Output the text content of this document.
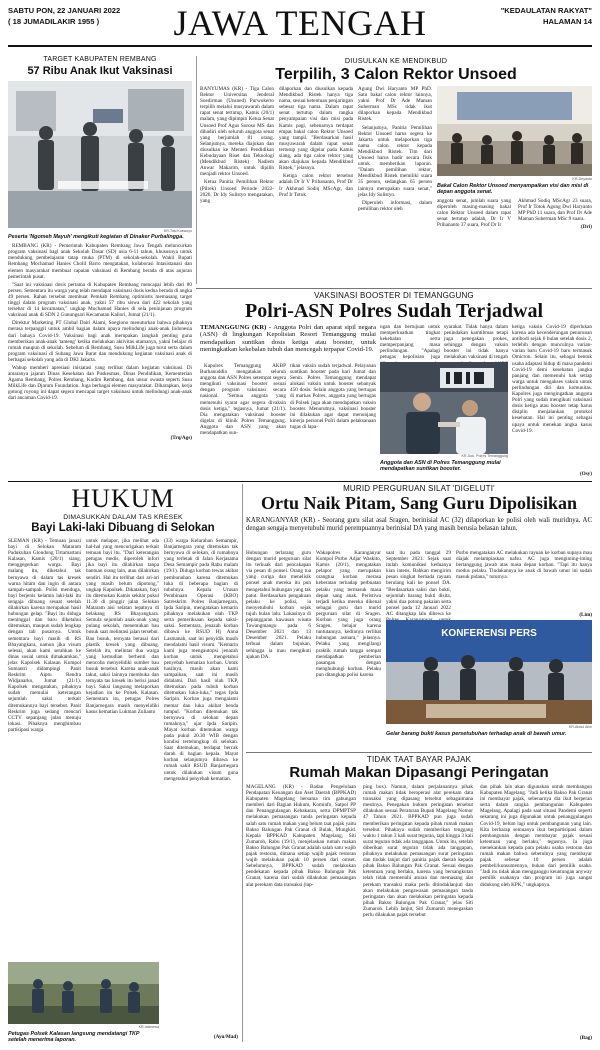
SABTU PON, 22 JANUARI 2022
( 18 JUMADILAKIR 1955 )	JAWA TENGAH	"KEDAULATAN RAKYAT"
HALAMAN 14
TARGET KABUPATEN REMBANG
57 Ribu Anak Ikut Vaksinasi
KR-Tosi Kuswoyo
Peserta 'Ngomeh Mayuh' mengikuti kegiatan di Dinaker Purbalingga.

REMBANG (KR) - Pemerintah Kabupaten Rembang Jawa Tengah meluncurkan program vaksinasi bagi anak Sekolah Dasar (SD) usia 6-11 tahun, khususnya untuk mendukung pembelajaran tatap muka (PTM) di sekolah-sekolah. Wakil Bupati Rembang Mochamad Hanies Cholil Barro mengatakan, kolaborasi Intasistanasi dan elemen masyarakat membuat capaian vaksinasi di Rembang berada di atas anjuran pemerintah pusat.

"Saat ini vaksinasi dosis pertama di Kabupaten Rembang mencapai lebih dari 80 persen. Sementara itu warga yang telah mendapat vaksinasi dosis kedua berada di angka 49 persen. Rahan tersebut membuat Pemkab Rembang optimistis memasang target tinggi dalam program vaksinasi anak, yakni 57 ribu siswa dari 422 sekolah yang tersebar di 14 kecamatan," ungkap Mochamad Hanies di sela peninjauan program vaksinasi anak di SDN 2 Gunungsari Kecamatan Kaliori, Jumat (21/1).

Direktur Marketing PT Global Dairi Alami, Soegiono menuturkan bahwa pihaknya merasa terpanggil untuk ambil bagian dalam upaya melindungi anak-anak Indonesia dari bahaya Covid-19. Vaksinasi bagi anak merupakan langkah penting guna memberikan anak-anak 'tameng' ketika melakukan aktivitas utamanya, yakni belajar di rumah maupun di sekolah. Sebelum di Rembang, Susu MilkLife juga turut serta dalam program vaksinasi di Subang Jawa Barat dan mendukung kegiatan vaksinasi anak di berbagai sekolah yang ada di DKI Jakarta.

Wabup memberi apresiasi inisiatasi yang terlibat dalam kegiatan vaksinasi. Di antaranya jajaran Dinas Kesehatan dan Puskesmas, Dinas Pendidikan, Kementerian Agama Rembang, Polres Rembang, Kodim Rembang, dan unsur swasta seperti Susu MilkLife dan Djarum Foundation. Juga berbagai elemen masyarakat. Diharapkan, kerja gotong royong ini dapat segera mencapai target vaksinasi untuk melindungi anak-anak dari ancaman Covid-19.

(Trq/Ags)
DIUSULKAN KE MENDIKBUD
Terpilih, 3 Calon Rektor Unsoed

BANYUMAS (KR) - Tiga Calon Rektor Universitas Jenderal Soedirman (Unsoed) Purwokerto terpilih melalui musyawarah dalam rapat senat tertutup, Kamis (20/1) malam, yang dipimpin Ketua Senat Unsoed Prof Agus Suroso MS dan dihadiri oleh seluruh anggota senat yang berjumlah 81 orang. Selanjutnya, mereka diajukan dan diusulkan ke Menteri Pendidikan Kebudayaan Riset dan Teknologi (Mendikbud Ristek) Nadiem Anwar Makarim, untuk dipilih menjadi rektor Unsoed.

Ketua Panitia Pemilihan Rektor (Pilrek) Unsoed Periode 2022-2026, Dr Idy Sulistyo mengatakan, yang

dilaporkan dan diusulkan kepada Mendikbud Ristek hanya tiga nama, sesuai ketentuan penjaringan sebesar tiga nama. Dalam rapat senat tertutup dalam rangka penyampaian visi dan misi pada Kamis pagi, sebenarnya terdapat empat bakal calon Rektor Unsoed yang tampil. "Berdasarkan hasil musyawarah dalam rapat senat tertutup yang digelar pada Kamis siang, ada tiga calon rektor yang akan diajukan kepada Mendikbud Ristek," jelasnya.

Ketiga calon rektor tersebut adalah Dr Ir V Prihananto, Prof Dr Ir Akhmad Sodiq MScAgr, dan Prof Ir Totok

Agung Dwi Haryanto MP PhD. Satu bakal calon rektor lainnya, yakni Prof Dr Ade Maman Suherman MSc tidak ikut dilaporkan kepada Mendikbud Ristek.

Selanjutnya, Panitia Pemilihan Rektor Unsoed harus segera ke Jakarta untuk melaporkan tiga nama calon rektor kepada Mendikbud Ristek. Tim dari Unsoed harus hadir secara fisik untuk memberikan laporan. "Dalam pemilihan rektor, Mendikbud Ristek memiliki suara 35 persen, sedangkan 65 persen lainnya merupakan suara senat," jelas Idy Sulistyo.

Diperoleh informasi, dalam pemilihan rektor oleh

KR-Driyanto
Bakal Calon Rektor Unsoed menyampaikan visi dan misi di depan anggota senat.

anggota senat, jumlah suara yang diperoleh masing-masing bakal calon Rektor Unsoed dalam rapat senat tertutup adalah, Dr Ir V Prihananto 37 suara, Prof Dr Ir

Akhmad Sodiq MScAgr 23 suara, Prof Ir Totok Agung Dwi Haryanto MP PhD 11 suara, dan Prof Dr Ade Maman Suherman MSc 9 suara.

(Dri)
VAKSINASI BOOSTER DI TEMANGGUNG
Polri-ASN Polres Sudah Terjadwal
TEMANGGUNG (KR) - Anggota Polri dan aparat sipil negara (ASN) di lingkungan Kepolisian Resort Temanggung mulai mendapatkan suntikan dosis ketiga atau booster, untuk meningkatkan kekebalan tubuh dan mencegah terpapar Covid-19.

Kapolres Temanggung AKBP Burhanuddin mengatakan seluruh anggota dan ASN Polres setempat segera mengikuti vaksinasi booster sesuai dengan program vaksinasi secara nasional. "Semua anggota yang memenuhi syarat agar segera divaksin dosis ketiga," tegasnya, Jumat (21/1). Dia mengatakan vaksinasi booster digelar di klinik Polres Temanggung. Anggota dan ASN yang akan mendapatkan sun-

tikan vaksin sudah terjadwal. Pelayanan suntikan booster pada hari Jumat dan Senin. Polres Temanggung mendapat alokasi vaksin untuk booster sebanyak 450 dosis. Selain anggota yang bertugas di markas Polres, anggota yang bertugas di Polsek juga akan mendapatkan vaksin booster. Menurutnya, vaksinasi booster ini dilakukan agar dapat menunjang kinerja personel Polri dalam pelaksanaan tugas di lapa-

ngan dan bertujuan untuk memperkuatkan tingkat kekebalan serta memperpanjang masa perlindungan. "Apalagi petugas kepolisian juga

syarakat. Tidak hanya dalam penindakan kamtibmas tetapi juga penegakan prokes, sehingga dengan vaksin booster ini tidak hanya melakukan vaksinasi di tengah

KR-Dok. Polres Temanggung
Anggota dan ASN di Polres Temanggung mulai mendapatkan suntikan booster.

ketiga vaksin Covid-19 diperlukan karena ada kecenderungan penurunan antibodi sejak 6 bulan setelah dosis 2, terlebih dengan munculnya varian-varian baru Covid-19 baru termasuk Omicron. Selain itu, sebagai bentuk usaha adaptasi hidup di masa pandemi Covid-19 demi kesehatan jangka panjang dan memenuhi hak setiap warga untuk mengakses vaksin untuk perlindungan diri dan komunitas. Kapolres juga mengingatkan anggota Polri yang sudah mengikuti vaksinasi dosis ketiga atau booster tetap harus disiplin menjalankan protokol kesehatan. Hal ini penting sebagai upaya untuk menekan angka kasus Covid-19.

(Osy)
HUKUM
DIMASUKKAN DALAM TAS KRESEK
Bayi Laki-laki Dibuang di Selokan

SLEMAN (KR) - Temuan janazi bayi di Selokan Mataram Padukuhan Glondong Tirtamartani Kalasan, Kamis (20/1) siang, menggegerkan warga. Bayi malang itu, diketahui tak bernyawa di dalam tas kresek warna hitam dan ingin di antara sampah-sampah. Polisi menduga, bayi berjenis kelamin laki-laki itu sengaja dibuang sesaat setelah dilahirkan karena merupakan hasil hubungan gelap. "Bayi itu diduga meninggal dan baru diketahui ditemukan, maupun sudah lengkap dengan tali pusarnya. Untuk sementara bayi masih di RS Bhayangkara, namun jika visum selesai, akan kami serahkan ke dinas sosial untuk dimakamkan," jelas Kapolsek Kalasan Kompol Sumantri didampingi Panit Reskrim Aiptu Rendra Widjanarko, Jumat (21/1). Kapolsek mengatakan, pihaknya sudah memulai keterangan sejumlah saksi terkait ditemukannya bayi tersebut. Panit Reskrim juga sedang mencari CCTV sepanjang jalan menuju lokasi. Pihaknya menghimbau partisipasi warga

untuk melapor, jika melihat ada hal-hal yang mencurigakan terkait temuan bayi itu. "Dari keterangan petugas medis, diperoleh infori jika bayi itu dilahirkan tanpa bantuan orang lain, atau dilahirkan sendiri. Hal itu terlihat dari ari-ari yang masih belum dipotong," ungkap Kapolsek. Dikatakan, bayi itu ditemukan Kamis sekitar pukul 11.30 di pinggir jalan Selokan Mataram aisi selatan tepatnya di belakang RS Bhayangkara. Semula sejumlah anak-anak yang pulang sekolah, menemukan bau busuk saat melintasi jalan tersebut. Bau busuk, ternyata berasal dari plastik kresek yang dibuang. Setelah itu, melintas dua warga yang kemudian berhenti dan mencoba menyelidiki sumber bau busuk tersebut. Karena anak-anak takut, saksi lainnya membuka dan ternyata tas kresek itu berisi janad bayi. Saksi langsung melaporkan kejadian itu ke Polsek Kalasan. Sementara itu, petugas Polres Banjarnegara masih menyelidiki kasus kematian Lukman Zulianto

(33) warga Kelurahan Semampir, Banjarnegara yang ditemukan tak bernyawa di selokan, di rumahnya yang terletak di Jalan Kerjasama Desa Semampir pada Rabu malam (19/1). Diduga korban tewas akibat pembunuhan karena ditemukan luka di beberapa bagian di tubuhnya. Kepala Urusan Pembinaan Operasi (KBO) Satreskrim Polres Banjarnegara, Ipda Saripin, mengatakan kemarin pihaknya melakukan olah TKP serta pemeriksaan kepada saksi-saksi. Sementara, jenazah korban dibawa ke RSUD Hj Anna Lasmanah, saat ini penyidik masih mendalami hasil visum. "Kemarin kami juga mengautopsi jenazah korban untuk mengetahui penyebab kematian korban. Untuk hasilnya, masih akan kami sampaikan, saat ini masih didalami. Dari hasil olah TKP, ditemukan pada tubuh korban ditemukan luka-luka," tegas Ipda Saripin. Korban juga mengalami memar dan luka akibat benda tumpul. "Korban ditemukan tak bernyawa di selokan depan rumahnya," ujar Ipda Saripin. Mayat korban ditemukan warga pada pukul 20.30 WIB dengan kondisi tertelungkup di selokan. Saat ditemukan, terdapat bercak darah di bagian kepala. Mayat korban selanjutnya dibawa ke rumah sakit RSUD Banjarnegara untuk dilakukan visum guna mengetahui penyebab kematian.

(Ayu/Mad)
KR-Istimewa
Petugas Polsek Kalasan langsung mendatangi TKP setelah menerima laporan.
MURID PERGURUAN SILAT 'DIGELUTI'
Ortu Naik Pitam, Sang Guru Dipolisikan
KARANGANYAR (KR) - Seorang guru silat asal Sragen, berinisial AC (32) dilaporkan ke polisi oleh wali muridnya. AC dengan sengaja menyetubuhi murid perempuannya berinisial DA yang masih berusia belasan tahun.

Hubungan terlarang guru dengan murid perguruan silat itu terkuak dari pencakapan via pesan di ponsel. Orang tua yang curiga dan menelisik ponsel anak mereka itu pun mengetahui hubungan yang tak patut. Berdasarkan pengakuan pelaku ke polisi, ia menyetubuhi korban sejak tujuh bulan lalu. Lokasinya di pepanggaran kawasan wisata Tawangmangu pada 6 Desember 2021 dan 13 Desember 2021. Pelaku terbuai dalam bujukan, sehingga ia mau mengikuti ajakan DA.

Wakapolres Karanganyar Kompol Purbo Adjar Waskito, Kamis (20/1), mengatakan pelapor yang merupakan orangtua korban merasa keberatan terhadap perbuatan pelaku yang termasuk masa depan sang anak. Peristiwa terjadi ketika mereka dikenal sebagai guru dan murid perguruan silat di Sragen. Korban yang juga orang Sragen, belajar karena tuntutannya, kedinnya terlibat hubungan asmara," jelasnya. Pelaku yang mengilangi praktik rumah tangga sempat mendapatkan pemberian pasangan dengan menghubungi korban. Pelaku pun ditangkap polisi karena

saat itu pada tanggal 29 September 2021. Sejak saat itulah komunikasi keduanya kian intens. Bahkan mengirim pesan singkat bernada rayuan berulang kali ke ponsel DA. "Berdasarkan saksi dan bukti, sejumlah barang bukti disita, yakni dua potong pakaian serta ponsel pada 12 Januari 2022 AC ditangkap lalu dihewa ke

Purbo mengatakan AC melakukan rayuan ke korban supaya mau diajak melampiaskan nafsu. AC juga mengiming-iming bertanggung jawab atas masa depan korban. "Tapi itu hanya modus pelaku. Tindakannya ke anak di bawah umur ini sudah masuk pidana," tuturnya.

(Lim)
KONFERENSI PERS
KR-Abdul Alim
Gelar barang bukti kasus persetubuhan terhadap anak di bawah umur.
TIDAK TAAT BAYAR PAJAK
Rumah Makan Dipasangi Peringatan

MAGELANG (KR) - Badan Pengelolaan Pendapatan Keuangan dan Aset Daerah (BPPKAD) Kabupaten Magelang bersama tim gabungan memberi dari Bagian Hukum, Kominfo, Satpol PP dan Penanggulangan Kebakaran, serta DPMPTSP melakukan pemasangan tanda peringatan kepada salah satu rumah makan yang belum taat pajak yaitu Bakso Balungan Pak Granat di Bulak, Mungkid. Kepala BPPKAD Kabupaten Magelang, Siti Zumaroh, Rabu (19/1), menjelaskan rumah makan Bakso Balungan Pak Granat adalah salah satu wajib pajak restoran, dimana setiap wajib pajak restoran wajib melakukan pajak 10 persen dari omset. Sebelumnya, BPPKAD sudah melakukan pendekatan kepada pihak Bakso Balungan Pak Granat, karena dari sudah dilakukan pemasangan alat perekam data transaksi (tap-

ping box). Namun, dalam perjalanannya pihak rumah makan tidak beroperasi alat perekam data transaksi yang dipasang tersebut sebagaimana mestinya. Penegakan hukum peringatan tersebut dilakukan sesuai Peraturan Bupati Magelang Nomor 47 Tahun 2021. BPPKAD pun juga sudah memberikan peringatan kepada pihak rumah makan tersebut. Pihaknya sudah memberikan tenggang waktu 1 tahun 3 kali surat teguran, tapi hingga 3 kali surat teguran tidak ada tanggapan. Untuk itu, setelah diberikan surat teguran tidak ada tanggapan, pihaknya melakukan pemasangan surat peringatan dan tindak lanjut dari panitia pajak daerah kepada pihak Bakso Balungan Pak Granat. Sesuai dengan ketentuan yang berlaku, karena yang bersangkutan telah tidak memenuhi aturan dan memasang alat perekam transaksi maka perlu ditindaklanjuti dan akan melakukan pengawasan pemasangan tanda peringatan dan akan melakukan peringatan kepada pihak Bakso Balungan Pak Granat," jelas Siti Zumaroh. Lebih lanjut, Siti Zumaroh menegaskan perlu dilakukan pajak tersebut

dan pihak lain akan digunakan untuk membangun Kabupaten Magelang. "Jadi ketika Bakso Pak Granat ini membayar pajak, sebenarnya dia ikut berperan serta dalam rangka pembangunan Kabupaten Magelang. Apalagi pada saat situasi Pandemi seperti sekarang ini juga digunakan untuk penanggulangan Covid-19, belum lagi untuk pembangunan yang lain. Kita berharap semuanya ikut berpartisipasi dalam pembangunan dengan membayar pajak sesuai ketentuan yang berlaku," tegasnya. Ia juga menekankan kepada para pelaku usaha restoran dan rumah makan bahwa sebetulnya yang membayar pajak sebesar 10 persen adalah pembeli/konsumennya, bukan dari pemilik usaha. "Jadi itu tidak akan mengganggu keuntungan anyway pemilik usahanya dan program ini juga sangat didukung oleh KPK," ungkapnya.

(Bag)
